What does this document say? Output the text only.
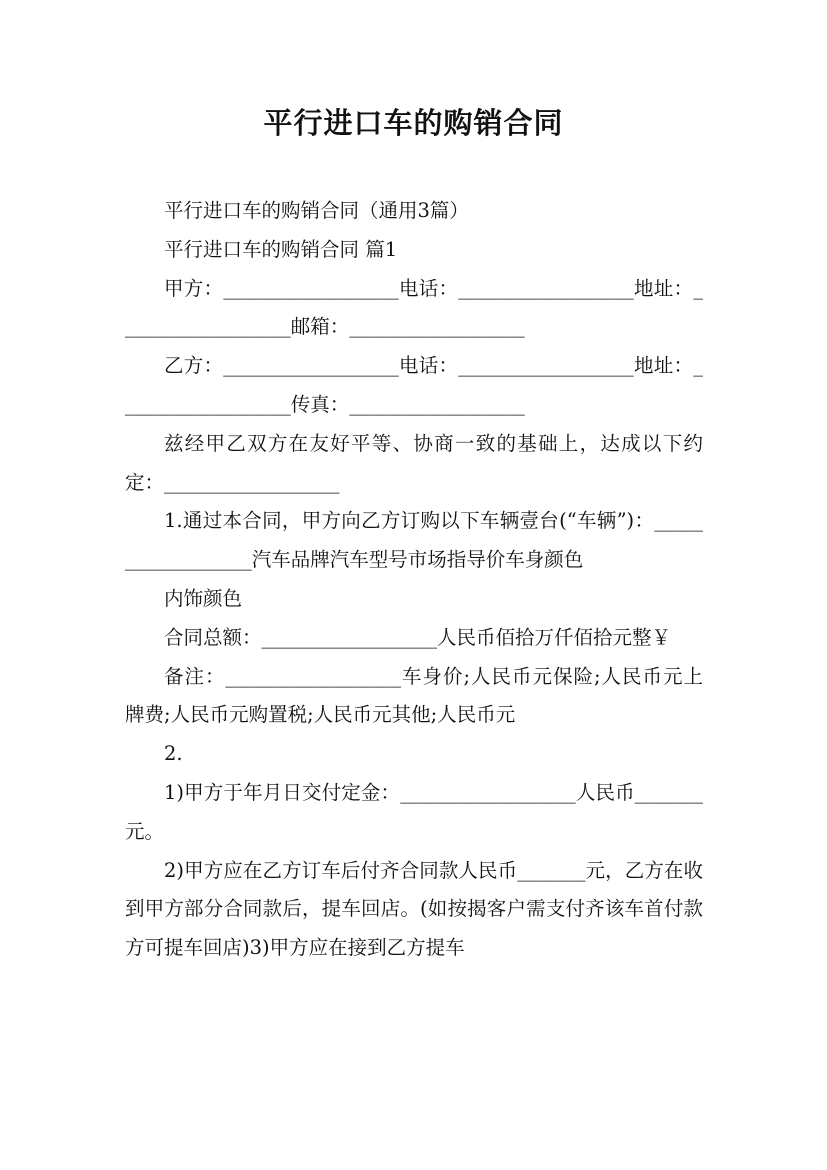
平行进口车的购销合同

平行进口车的购销合同（通用3篇）

平行进口车的购销合同 篇1

甲方：__________________电话：__________________地址：__________________邮箱：__________________

乙方：__________________电话：__________________地址：__________________传真：__________________

兹经甲乙双方在友好平等、协商一致的基础上，达成以下约定：__________________

1.通过本合同，甲方向乙方订购以下车辆壹台(“车辆”)：__________________汽车品牌汽车型号市场指导价车身颜色

内饰颜色

合同总额：__________________人民币佰拾万仟佰拾元整￥

备注：__________________车身价;人民币元保险;人民币元上牌费;人民币元购置税;人民币元其他;人民币元

2.

1)甲方于年月日交付定金：__________________人民币_______元。

2)甲方应在乙方订车后付齐合同款人民币_______元，乙方在收到甲方部分合同款后，提车回店。(如按揭客户需支付齐该车首付款方可提车回店)3)甲方应在接到乙方提车
